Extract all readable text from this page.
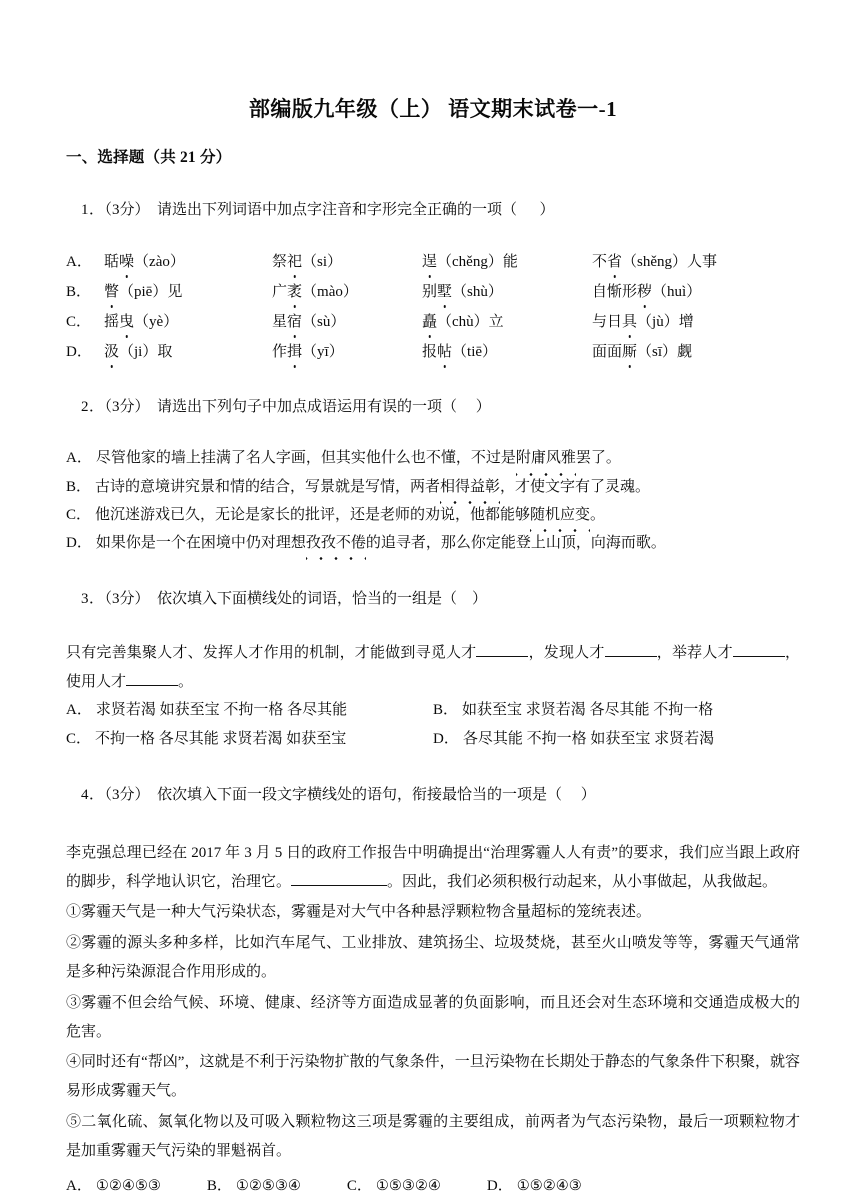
部编版九年级（上） 语文期末试卷一-1
一、选择题（共 21 分）

1．（3分） 请选出下列词语中加点字注音和字形完全正确的一项（      ）

A． 聒噪（zào）	祭祀（si）	逞（chěng）能	不省（shěng）人事
B． 瞥（piē）见	广袤（mào）	别墅（shù）	自惭形秽（huì）
C． 摇曳（yè）	星宿（sù）	矗（chù）立	与日具（jù）增
D． 汲（ji）取	作揖（yī）	报帖（tiē）	面面厮（sī）觑

2．（3分） 请选出下列句子中加点成语运用有误的一项（     ）

A． 尽管他家的墙上挂满了名人字画，但其实他什么也不懂，不过是附庸风雅罢了。
B． 古诗的意境讲究景和情的结合，写景就是写情，两者相得益彰，才使文字有了灵魂。
C． 他沉迷游戏已久，无论是家长的批评，还是老师的劝说，他都能够随机应变。
D． 如果你是一个在困境中仍对理想孜孜不倦的追寻者，那么你定能登上山顶，向海而歌。

3．（3分） 依次填入下面横线处的词语，恰当的一组是（    ）

只有完善集聚人才、发挥人才作用的机制，才能做到寻觅人才	，发现人才	，举荐人才	，使用人才	。
A． 求贤若渴 如获至宝 不拘一格 各尽其能	B． 如获至宝 求贤若渴 各尽其能 不拘一格
C． 不拘一格 各尽其能 求贤若渴 如获至宝	D． 各尽其能 不拘一格 如获至宝 求贤若渴

4．（3分） 依次填入下面一段文字横线处的语句，衔接最恰当的一项是（     ）

李克强总理已经在 2017 年 3 月 5 日的政府工作报告中明确提出“治理雾霾人人有责”的要求，我们应当跟上政府的脚步，科学地认识它，治理它。	。因此，我们必须积极行动起来，从小事做起，从我做起。
①雾霾天气是一种大气污染状态，雾霾是对大气中各种悬浮颗粒物含量超标的笼统表述。
②雾霾的源头多种多样，比如汽车尾气、工业排放、建筑扬尘、垃圾焚烧，甚至火山喷发等等，雾霾天气通常是多种污染源混合作用形成的。
③雾霾不但会给气候、环境、健康、经济等方面造成显著的负面影响，而且还会对生态环境和交通造成极大的危害。
④同时还有“帮凶”，这就是不利于污染物扩散的气象条件，一旦污染物在长期处于静态的气象条件下积聚，就容易形成雾霾天气。
⑤二氧化硫、氮氧化物以及可吸入颗粒物这三项是雾霾的主要组成，前两者为气态污染物，最后一项颗粒物才是加重雾霾天气污染的罪魁祸首。
A． ①②④⑤③	B． ①②⑤③④	C． ①⑤③②④	D． ①⑤②④③
